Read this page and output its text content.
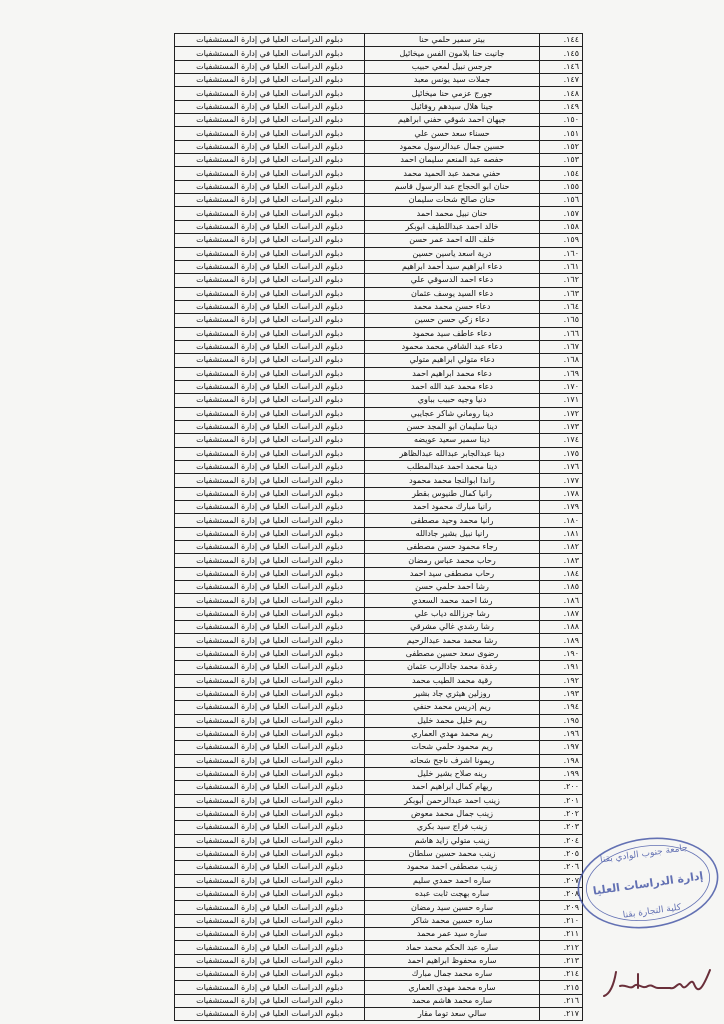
١٤٤.	بيتر سمير حلمي حنا	دبلوم الدراسات العليا في إدارة المستشفيات
١٤٥.	جانيت حنا بلامون الفس ميخائيل	دبلوم الدراسات العليا في إدارة المستشفيات
١٤٦.	جرجس نبيل لمعي حبيب	دبلوم الدراسات العليا في إدارة المستشفيات
١٤٧.	جملات سيد يونس معبد	دبلوم الدراسات العليا في إدارة المستشفيات
١٤٨.	جورج عزمي حنا ميخائيل	دبلوم الدراسات العليا في إدارة المستشفيات
١٤٩.	جينا هلال سيدهم روفائيل	دبلوم الدراسات العليا في إدارة المستشفيات
١٥٠.	جيهان احمد شوقي حفني ابراهيم	دبلوم الدراسات العليا في إدارة المستشفيات
١٥١.	حسناء سعد حسن علي	دبلوم الدراسات العليا في إدارة المستشفيات
١٥٢.	حسين جمال عبدالرسول محمود	دبلوم الدراسات العليا في إدارة المستشفيات
١٥٣.	حفصه عبد المنعم سليمان احمد	دبلوم الدراسات العليا في إدارة المستشفيات
١٥٤.	حفني محمد عبد الحميد محمد	دبلوم الدراسات العليا في إدارة المستشفيات
١٥٥.	حنان ابو الحجاج عبد الرسول قاسم	دبلوم الدراسات العليا في إدارة المستشفيات
١٥٦.	حنان صالح شحات سليمان	دبلوم الدراسات العليا في إدارة المستشفيات
١٥٧.	حنان نبيل محمد احمد	دبلوم الدراسات العليا في إدارة المستشفيات
١٥٨.	خالد احمد عبداللطيف ابوبكر	دبلوم الدراسات العليا في إدارة المستشفيات
١٥٩.	خلف الله احمد عمر حسن	دبلوم الدراسات العليا في إدارة المستشفيات
١٦٠.	درية اسعد ياسين حسين	دبلوم الدراسات العليا في إدارة المستشفيات
١٦١.	دعاء ابراهيم سيد أحمد ابراهيم	دبلوم الدراسات العليا في إدارة المستشفيات
١٦٢.	دعاء احمد الدسوقي علي	دبلوم الدراسات العليا في إدارة المستشفيات
١٦٣.	دعاء السيد يوسف عثمان	دبلوم الدراسات العليا في إدارة المستشفيات
١٦٤.	دعاء حسن محمد محمد	دبلوم الدراسات العليا في إدارة المستشفيات
١٦٥.	دعاء زكي حسن حسين	دبلوم الدراسات العليا في إدارة المستشفيات
١٦٦.	دعاء عاطف سيد محمود	دبلوم الدراسات العليا في إدارة المستشفيات
١٦٧.	دعاء عبد الشافي محمد محمود	دبلوم الدراسات العليا في إدارة المستشفيات
١٦٨.	دعاء متولي ابراهيم متولي	دبلوم الدراسات العليا في إدارة المستشفيات
١٦٩.	دعاء محمد ابراهيم احمد	دبلوم الدراسات العليا في إدارة المستشفيات
١٧٠.	دعاء محمد عبد الله احمد	دبلوم الدراسات العليا في إدارة المستشفيات
١٧١.	دنيا وجيه حبيب بباوي	دبلوم الدراسات العليا في إدارة المستشفيات
١٧٢.	دينا روماني شاكر عجايبي	دبلوم الدراسات العليا في إدارة المستشفيات
١٧٣.	دينا سليمان ابو المجد حسن	دبلوم الدراسات العليا في إدارة المستشفيات
١٧٤.	دينا سمير سعيد عويضه	دبلوم الدراسات العليا في إدارة المستشفيات
١٧٥.	دينا عبدالجابر عبدالله عبدالظاهر	دبلوم الدراسات العليا في إدارة المستشفيات
١٧٦.	دينا محمد احمد عبدالمطلب	دبلوم الدراسات العليا في إدارة المستشفيات
١٧٧.	راندا ابوالنجا محمد محمود	دبلوم الدراسات العليا في إدارة المستشفيات
١٧٨.	رانيا كمال طنيوس بقطر	دبلوم الدراسات العليا في إدارة المستشفيات
١٧٩.	رانيا مبارك محمود احمد	دبلوم الدراسات العليا في إدارة المستشفيات
١٨٠.	رانيا محمد وحيد مصطفى	دبلوم الدراسات العليا في إدارة المستشفيات
١٨١.	رانيا نبيل بشير جادالله	دبلوم الدراسات العليا في إدارة المستشفيات
١٨٢.	رجاء محمود حسن مصطفى	دبلوم الدراسات العليا في إدارة المستشفيات
١٨٣.	رحاب محمد عباس رمضان	دبلوم الدراسات العليا في إدارة المستشفيات
١٨٤.	رحاب مصطفى سيد احمد	دبلوم الدراسات العليا في إدارة المستشفيات
١٨٥.	رشا احمد حلمي حسن	دبلوم الدراسات العليا في إدارة المستشفيات
١٨٦.	رشا احمد محمد السعدي	دبلوم الدراسات العليا في إدارة المستشفيات
١٨٧.	رشا جرزالله دياب علي	دبلوم الدراسات العليا في إدارة المستشفيات
١٨٨.	رشا رشدي غالي مشرقي	دبلوم الدراسات العليا في إدارة المستشفيات
١٨٩.	رشا محمد محمد عبدالرحيم	دبلوم الدراسات العليا في إدارة المستشفيات
١٩٠.	رضوى سعد حسين مصطفى	دبلوم الدراسات العليا في إدارة المستشفيات
١٩١.	رغدة محمد جادالرب عثمان	دبلوم الدراسات العليا في إدارة المستشفيات
١٩٢.	رقية محمد الطيب محمد	دبلوم الدراسات العليا في إدارة المستشفيات
١٩٣.	روزلين هيثري جاد بشير	دبلوم الدراسات العليا في إدارة المستشفيات
١٩٤.	ريم إدريس محمد حنفي	دبلوم الدراسات العليا في إدارة المستشفيات
١٩٥.	ريم خليل محمد خليل	دبلوم الدراسات العليا في إدارة المستشفيات
١٩٦.	ريم محمد مهدي العماري	دبلوم الدراسات العليا في إدارة المستشفيات
١٩٧.	ريم محمود حلمي شحات	دبلوم الدراسات العليا في إدارة المستشفيات
١٩٨.	ريمونا اشرف ناجح شحاته	دبلوم الدراسات العليا في إدارة المستشفيات
١٩٩.	رينه صلاح بشير خليل	دبلوم الدراسات العليا في إدارة المستشفيات
٢٠٠.	ريهام كمال ابراهيم احمد	دبلوم الدراسات العليا في إدارة المستشفيات
٢٠١.	زينب احمد عبدالرحمن أبوبكر	دبلوم الدراسات العليا في إدارة المستشفيات
٢٠٢.	زينب جمال محمد معوض	دبلوم الدراسات العليا في إدارة المستشفيات
٢٠٣.	زينب فراج سيد بكري	دبلوم الدراسات العليا في إدارة المستشفيات
٢٠٤.	زينب متولي زايد هاشم	دبلوم الدراسات العليا في إدارة المستشفيات
٢٠٥.	زينب محمد حسين سلطان	دبلوم الدراسات العليا في إدارة المستشفيات
٢٠٦.	زينب مصطفى احمد محمود	دبلوم الدراسات العليا في إدارة المستشفيات
٢٠٧.	ساره احمد حمدي سليم	دبلوم الدراسات العليا في إدارة المستشفيات
٢٠٨.	ساره بهجت ثابت عبده	دبلوم الدراسات العليا في إدارة المستشفيات
٢٠٩.	ساره حسين سيد رمضان	دبلوم الدراسات العليا في إدارة المستشفيات
٢١٠.	ساره حسين محمد شاكر	دبلوم الدراسات العليا في إدارة المستشفيات
٢١١.	ساره سيد عمر محمد	دبلوم الدراسات العليا في إدارة المستشفيات
٢١٢.	ساره عبد الحكم محمد حماد	دبلوم الدراسات العليا في إدارة المستشفيات
٢١٣.	ساره محفوظ ابراهيم احمد	دبلوم الدراسات العليا في إدارة المستشفيات
٢١٤.	ساره محمد جمال مبارك	دبلوم الدراسات العليا في إدارة المستشفيات
٢١٥.	ساره محمد مهدي العماري	دبلوم الدراسات العليا في إدارة المستشفيات
٢١٦.	ساره محمد هاشم محمد	دبلوم الدراسات العليا في إدارة المستشفيات
٢١٧.	سالي سعد توما مقار	دبلوم الدراسات العليا في إدارة المستشفيات
جامعة جنوب الوادي بقنا
إدارة الدراسات العليا
كلية التجارة بقنا
